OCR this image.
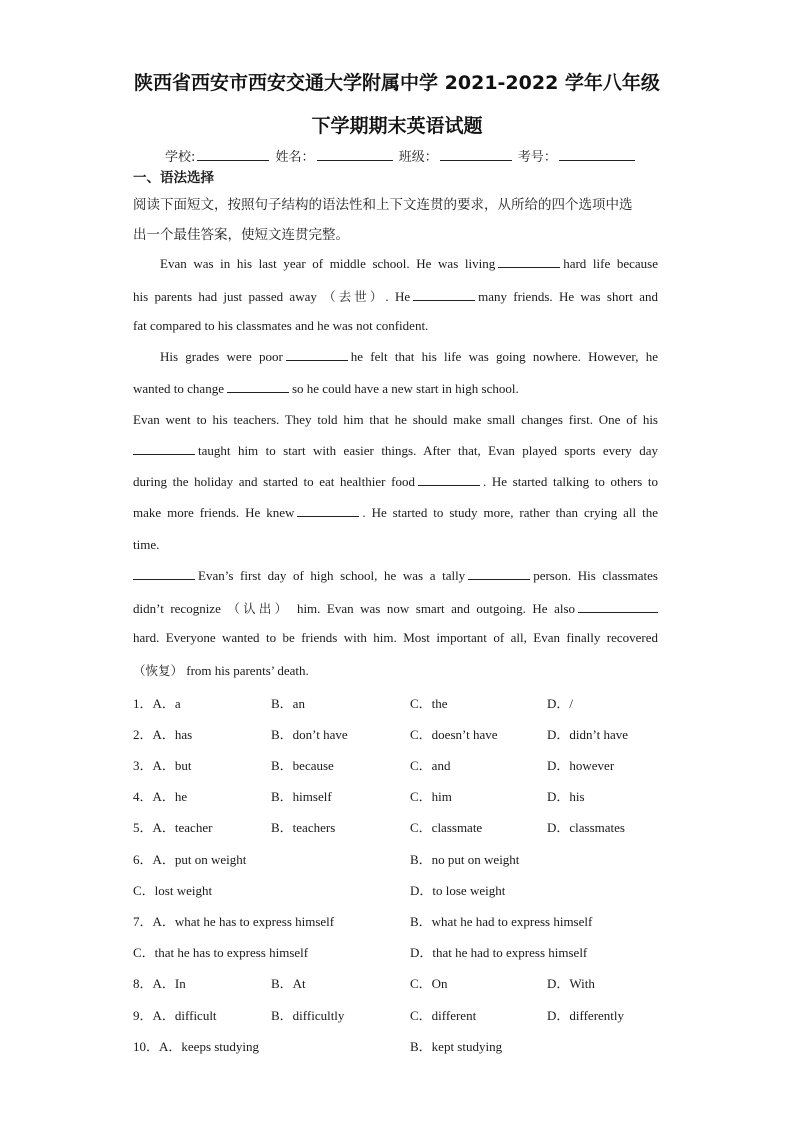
陕西省西安市西安交通大学附属中学 2021-2022 学年八年级
下学期期末英语试题
学校:	姓名：	班级：	考号：
一、语法选择
阅读下面短文，按照句子结构的语法性和上下文连贯的要求，从所给的四个选项中选
出一个最佳答案，使短文连贯完整。
Evan was in his last year of middle school. He was living	hard life because
his parents had just passed away （去世）. He	many friends. He was short and
fat compared to his classmates and he was not confident.
His grades were poor	he felt that his life was going nowhere. However, he
wanted to change	so he could have a new start in high school.
Evan went to his teachers. They told him that he should make small changes first. One of his
taught him to start with easier things. After that, Evan played sports every day
during the holiday and started to eat healthier food	. He started talking to others to
make more friends. He knew	. He started to study more, rather than crying all the
time.
Evan’s first day of high school, he was a tally	person. His classmates
didn’t recognize （认出） him. Evan was now smart and outgoing. He also
hard. Everyone wanted to be friends with him. Most important of all, Evan finally recovered
（恢复） from his parents’ death.
1．A．a	B．an	C．the	D．/
2．A．has	B．don’t have	C．doesn’t have	D．didn’t have
3．A．but	B．because	C．and	D．however
4．A．he	B．himself	C．him	D．his
5．A．teacher	B．teachers	C．classmate	D．classmates
6．A．put on weight	B．no put on weight
C．lost weight	D．to lose weight
7．A．what he has to express himself	B．what he had to express himself
C．that he has to express himself	D．that he had to express himself
8．A．In	B．At	C．On	D．With
9．A．difficult	B．difficultly	C．different	D．differently
10．A．keeps studying	B．kept studying
